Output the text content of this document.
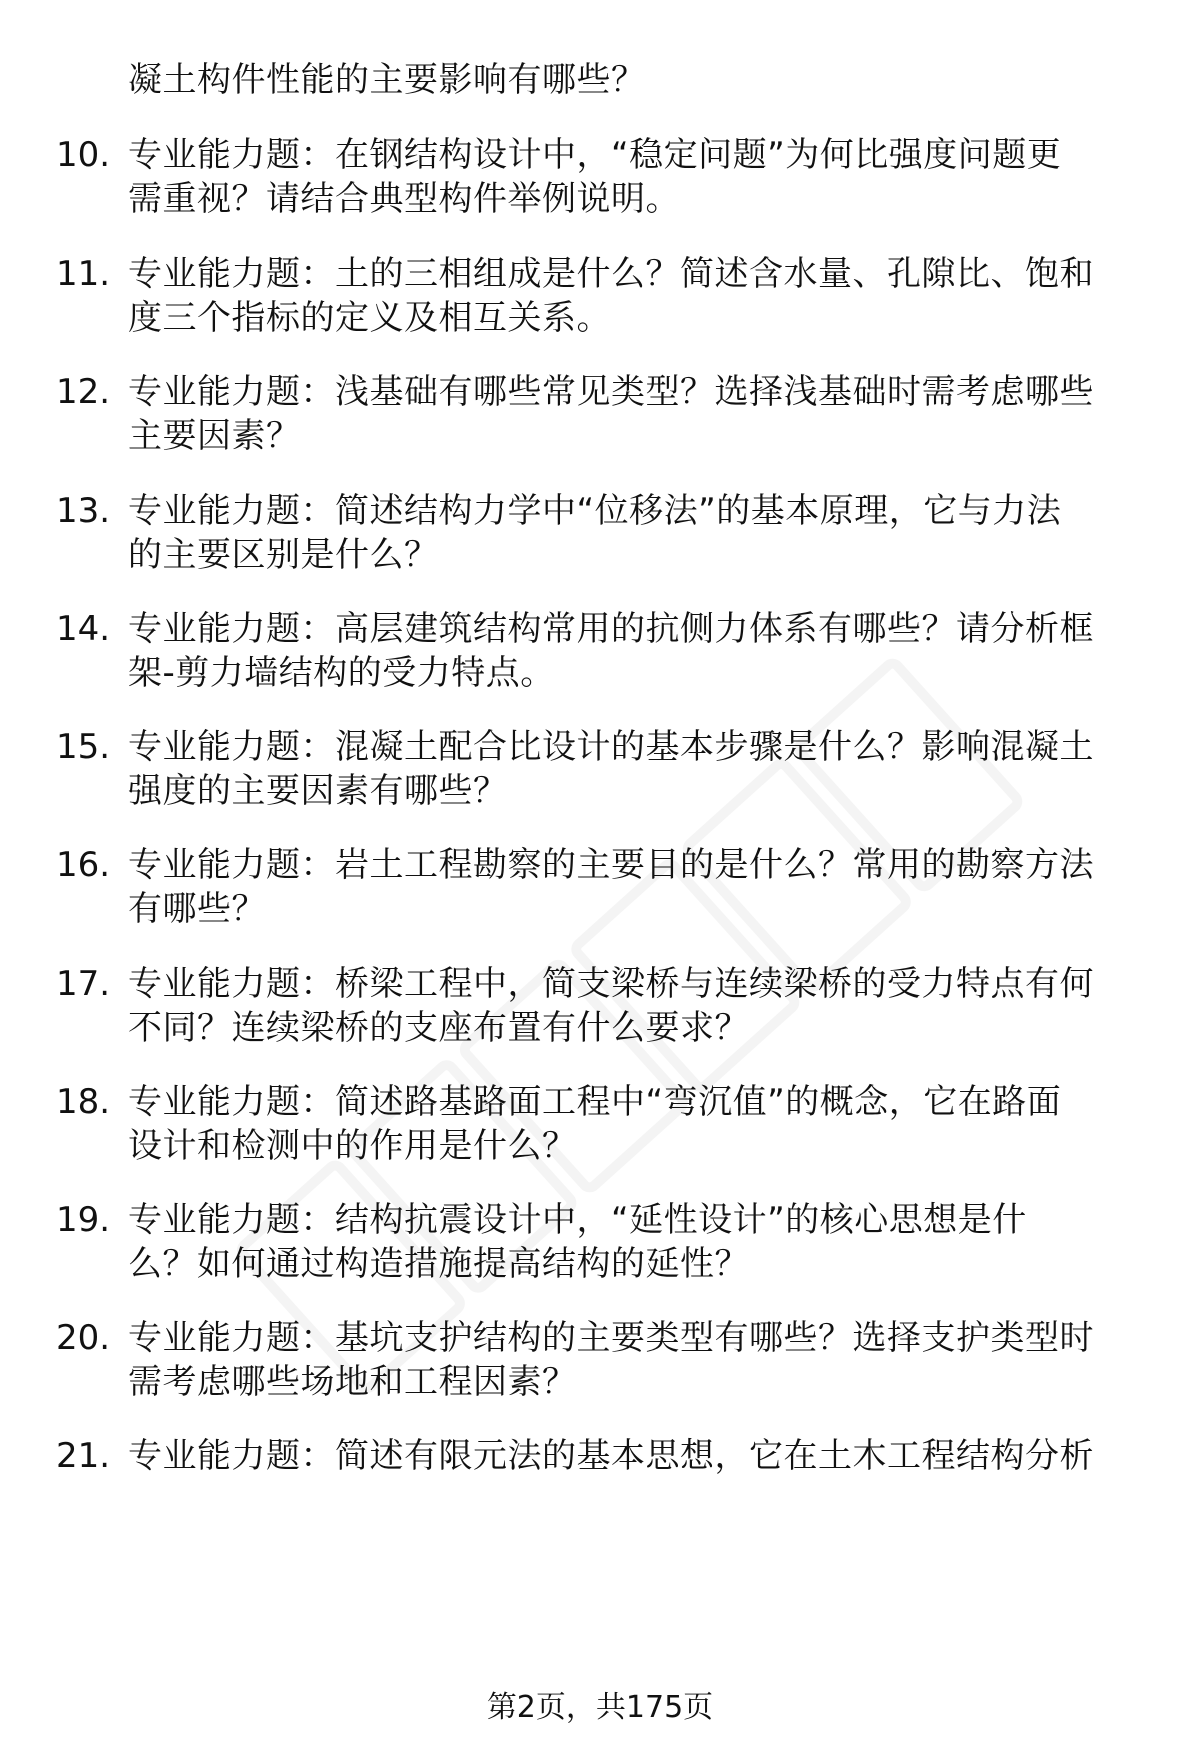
凝土构件性能的主要影响有哪些？
10. 专业能力题：在钢结构设计中，“稳定问题”为何比强度问题更
需重视？请结合典型构件举例说明。
11. 专业能力题：土的三相组成是什么？简述含水量、孔隙比、饱和
度三个指标的定义及相互关系。
12. 专业能力题：浅基础有哪些常见类型？选择浅基础时需考虑哪些
主要因素？
13. 专业能力题：简述结构力学中“位移法”的基本原理，它与力法
的主要区别是什么？
14. 专业能力题：高层建筑结构常用的抗侧力体系有哪些？请分析框
架-剪力墙结构的受力特点。
15. 专业能力题：混凝土配合比设计的基本步骤是什么？影响混凝土
强度的主要因素有哪些？
16. 专业能力题：岩土工程勘察的主要目的是什么？常用的勘察方法
有哪些？
17. 专业能力题：桥梁工程中，简支梁桥与连续梁桥的受力特点有何
不同？连续梁桥的支座布置有什么要求？
18. 专业能力题：简述路基路面工程中“弯沉值”的概念，它在路面
设计和检测中的作用是什么？
19. 专业能力题：结构抗震设计中，“延性设计”的核心思想是什
么？如何通过构造措施提高结构的延性？
20. 专业能力题：基坑支护结构的主要类型有哪些？选择支护类型时
需考虑哪些场地和工程因素？
21. 专业能力题：简述有限元法的基本思想，它在土木工程结构分析
第2页，共175页
